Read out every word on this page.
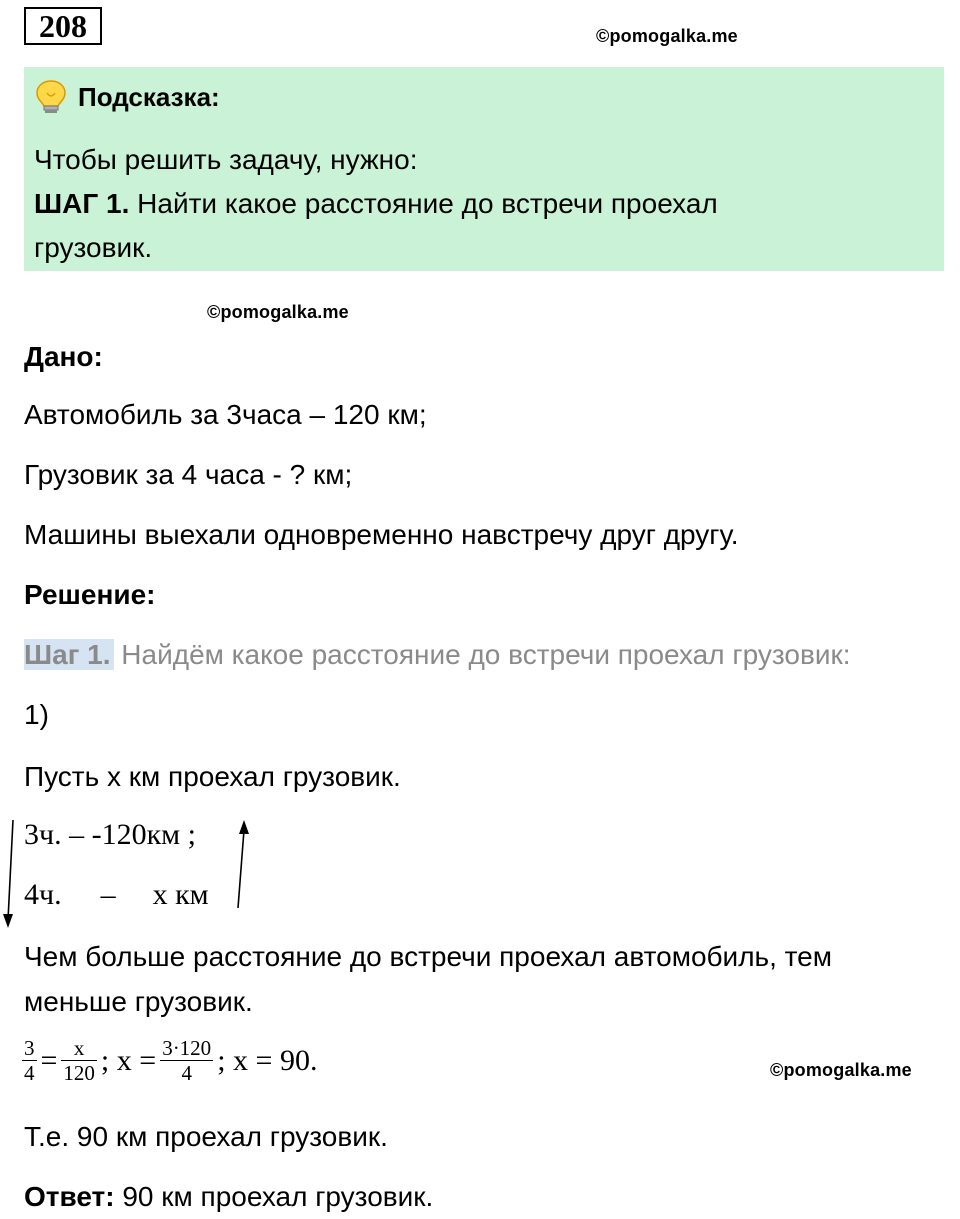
208	©pomogalka.me
Подсказка:
Чтобы решить задачу, нужно:
ШАГ 1. Найти какое расстояние до встречи проехал
грузовик.
©pomogalka.me
Дано:
Автомобиль за 3часа – 120 км;
Грузовик за 4 часа - ? км;
Машины выехали одновременно навстречу друг другу.
Решение:
Шаг 1. Найдём какое расстояние до встречи проехал грузовик:
1)
Пусть x км проехал грузовик.
3ч. – -120км ;
4ч. – x км
Чем больше расстояние до встречи проехал автомобиль, тем
меньше грузовик.
$\frac{3}{4} = \frac{x}{120}$ ; $x = \frac{3\cdot 120}{4}$ ; x = 90.	©pomogalka.me
Т.е. 90 км проехал грузовик.
Ответ: 90 км проехал грузовик.
